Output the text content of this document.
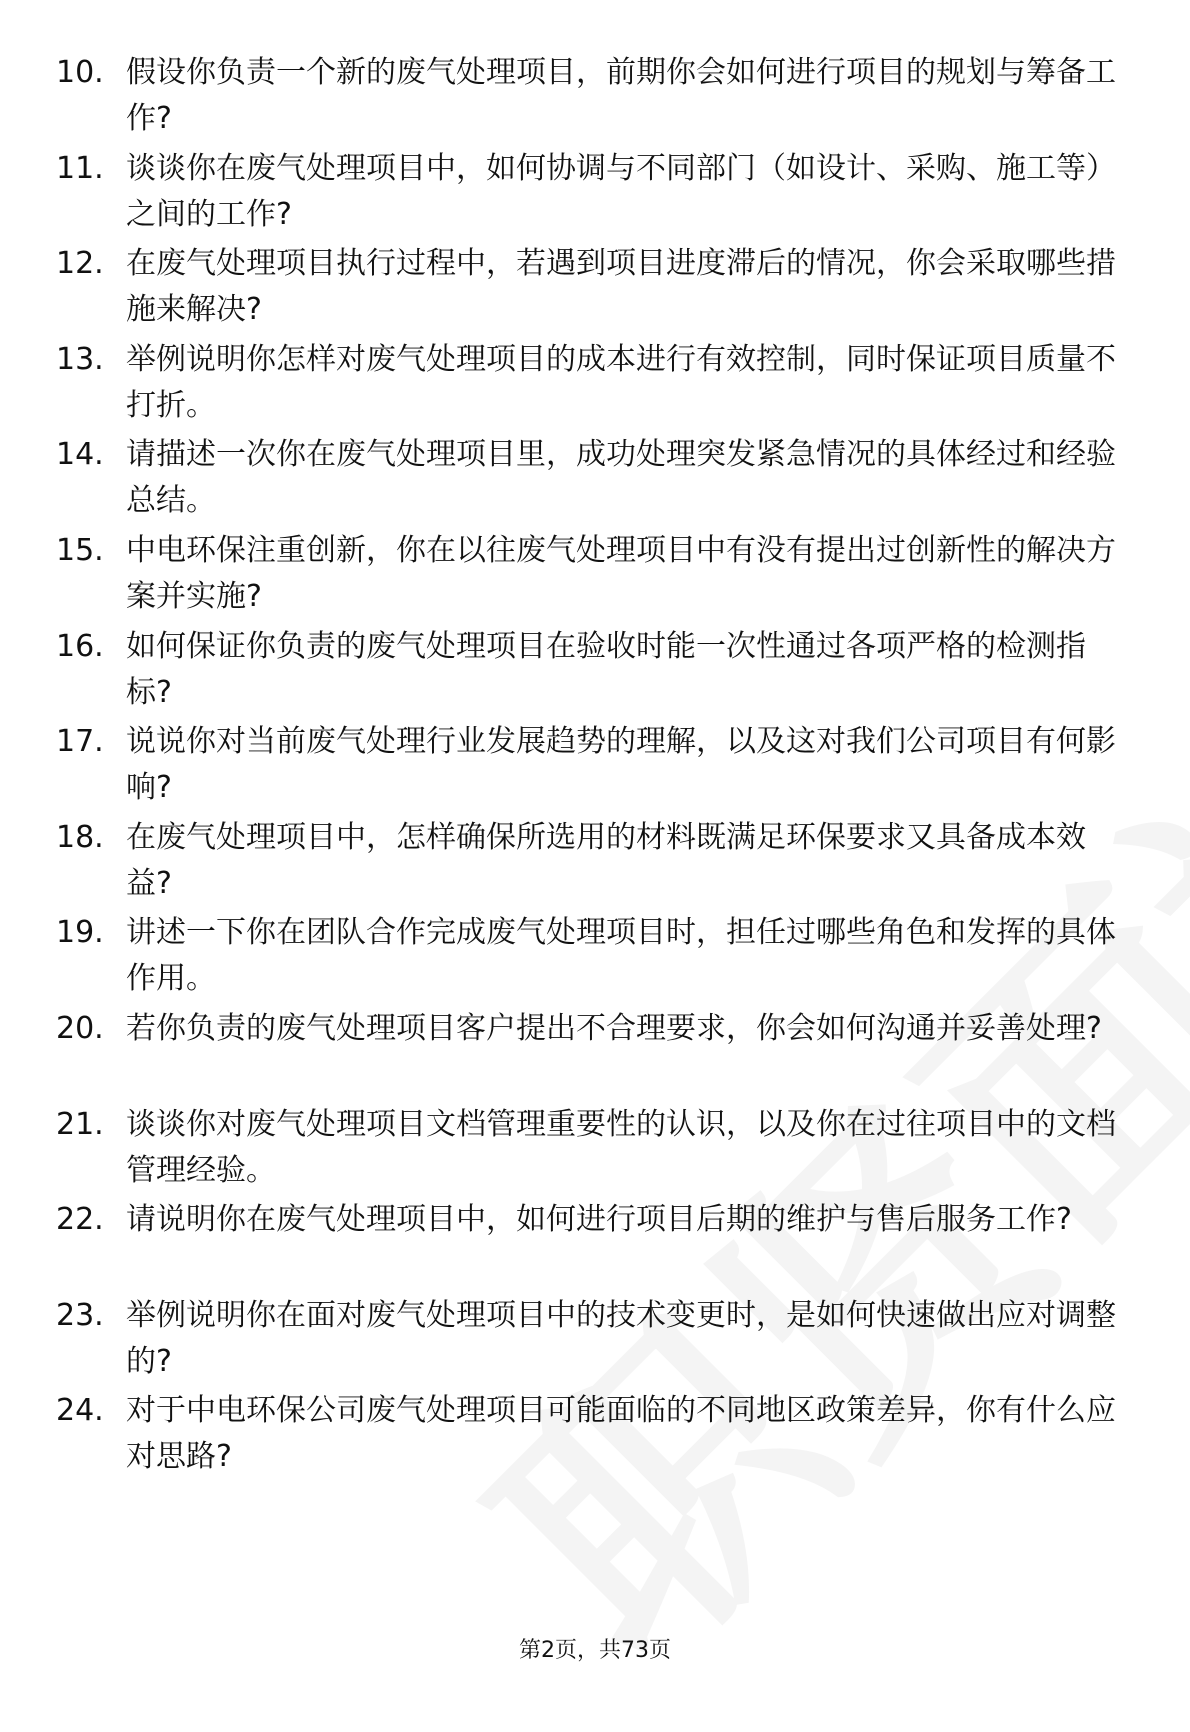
10. 假设你负责一个新的废气处理项目，前期你会如何进行项目的规划与筹备工作?
11. 谈谈你在废气处理项目中，如何协调与不同部门（如设计、采购、施工等）之间的工作?
12. 在废气处理项目执行过程中，若遇到项目进度滞后的情况，你会采取哪些措施来解决?
13. 举例说明你怎样对废气处理项目的成本进行有效控制，同时保证项目质量不打折。
14. 请描述一次你在废气处理项目里，成功处理突发紧急情况的具体经过和经验总结。
15. 中电环保注重创新，你在以往废气处理项目中有没有提出过创新性的解决方案并实施?
16. 如何保证你负责的废气处理项目在验收时能一次性通过各项严格的检测指标?
17. 说说你对当前废气处理行业发展趋势的理解，以及这对我们公司项目有何影响?
18. 在废气处理项目中，怎样确保所选用的材料既满足环保要求又具备成本效益?
19. 讲述一下你在团队合作完成废气处理项目时，担任过哪些角色和发挥的具体作用。
20. 若你负责的废气处理项目客户提出不合理要求，你会如何沟通并妥善处理?
21. 谈谈你对废气处理项目文档管理重要性的认识，以及你在过往项目中的文档管理经验。
22. 请说明你在废气处理项目中，如何进行项目后期的维护与售后服务工作?
23. 举例说明你在面对废气处理项目中的技术变更时，是如何快速做出应对调整的?
24. 对于中电环保公司废气处理项目可能面临的不同地区政策差异，你有什么应对思路?
第2页，共73页
